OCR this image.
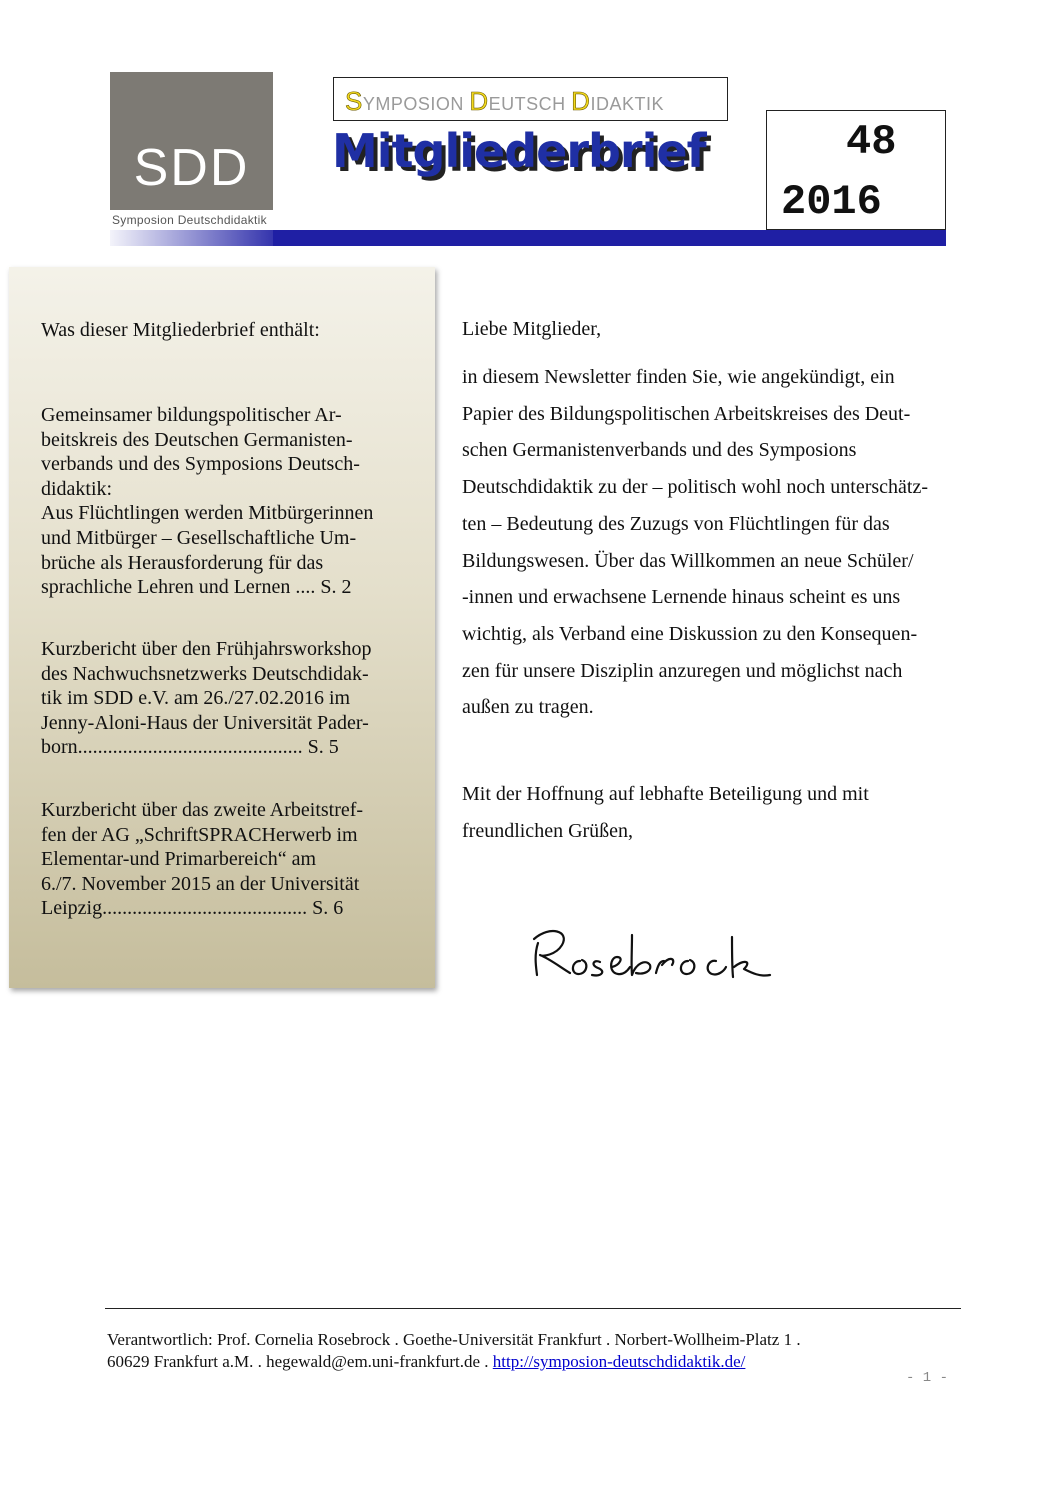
SDD
Symposion Deutschdidaktik
SYMPOSION DEUTSCH DIDAKTIK
Mitgliederbrief	48
2016
Was dieser Mitgliederbrief enthält:
Gemeinsamer bildungspolitischer Ar-
beitskreis des Deutschen Germanisten-
verbands und des Symposions Deutsch-
didaktik:
Aus Flüchtlingen werden Mitbürgerinnen
und Mitbürger – Gesellschaftliche Um-
brüche als Herausforderung für das
sprachliche Lehren und Lernen .... S. 2
Kurzbericht über den Frühjahrsworkshop
des Nachwuchsnetzwerks Deutschdidak-
tik im SDD e.V. am 26./27.02.2016 im
Jenny-Aloni-Haus der Universität Pader-
born............................................. S. 5
Kurzbericht über das zweite Arbeitstref-
fen der AG „SchriftSPRACHerwerb im
Elementar-und Primarbereich“ am
6./7. November 2015 an der Universität
Leipzig......................................... S. 6
Liebe Mitglieder,
in diesem Newsletter finden Sie, wie angekündigt, ein
Papier des Bildungspolitischen Arbeitskreises des Deut-
schen Germanistenverbands und des Symposions
Deutschdidaktik zu der – politisch wohl noch unterschätz-
ten – Bedeutung des Zuzugs von Flüchtlingen für das
Bildungswesen. Über das Willkommen an neue Schüler/
-innen und erwachsene Lernende hinaus scheint es uns
wichtig, als Verband eine Diskussion zu den Konsequen-
zen für unsere Disziplin anzuregen und möglichst nach
außen zu tragen.
Mit der Hoffnung auf lebhafte Beteiligung und mit
freundlichen Grüßen,
Verantwortlich: Prof. Cornelia Rosebrock . Goethe-Universität Frankfurt . Norbert-Wollheim-Platz 1 .
60629 Frankfurt a.M. . hegewald@em.uni-frankfurt.de . http://symposion-deutschdidaktik.de/
- 1 -
